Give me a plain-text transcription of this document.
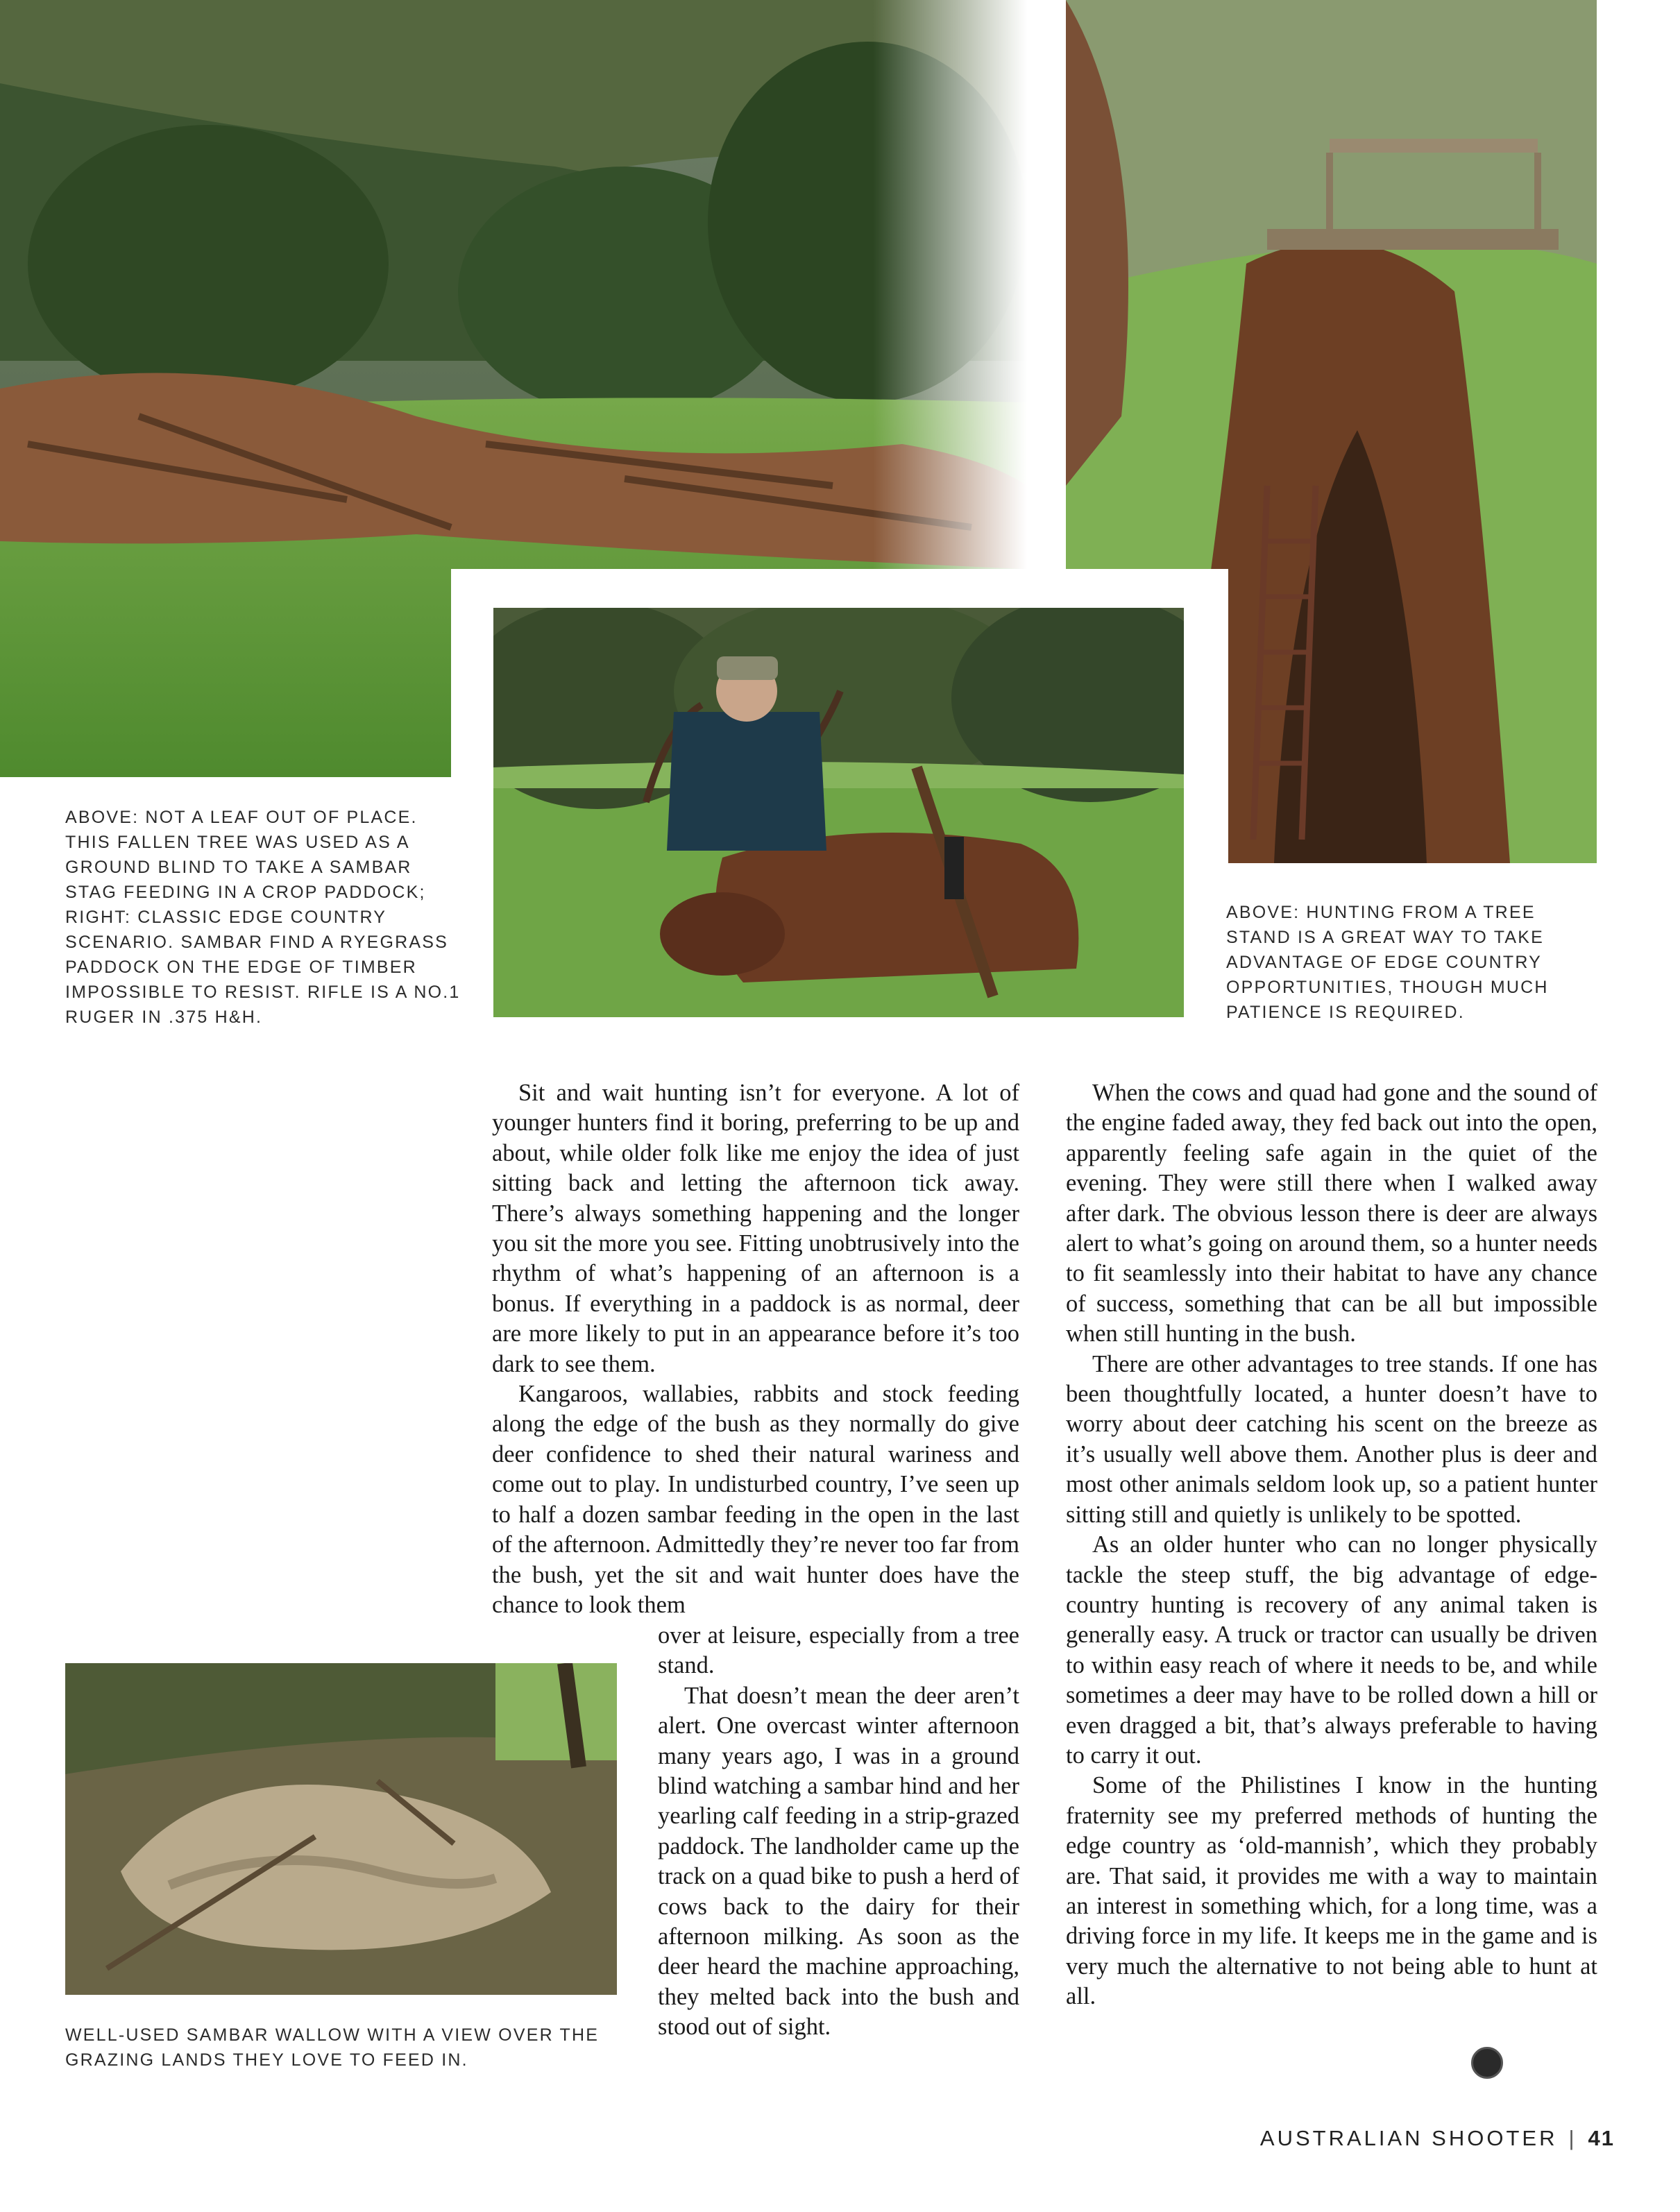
ABOVE: NOT A LEAF OUT OF PLACE. THIS FALLEN TREE WAS USED AS A GROUND BLIND TO TAKE A SAMBAR STAG FEEDING IN A CROP PADDOCK; RIGHT: CLASSIC EDGE COUNTRY SCENARIO. SAMBAR FIND A RYEGRASS PADDOCK ON THE EDGE OF TIMBER IMPOSSIBLE TO RESIST. RIFLE IS A NO.1 RUGER IN .375 H&H.

ABOVE: HUNTING FROM A TREE STAND IS A GREAT WAY TO TAKE ADVANTAGE OF EDGE COUNTRY OPPORTUNITIES, THOUGH MUCH PATIENCE IS REQUIRED.

WELL-USED SAMBAR WALLOW WITH A VIEW OVER THE GRAZING LANDS THEY LOVE TO FEED IN.

Sit and wait hunting isn’t for everyone. A lot of younger hunters find it boring, preferring to be up and about, while older folk like me enjoy the idea of just sitting back and letting the afternoon tick away. There’s always something happening and the longer you sit the more you see. Fitting unobtrusively into the rhythm of what’s happening of an afternoon is a bonus. If everything in a paddock is as normal, deer are more likely to put in an appearance before it’s too dark to see them.

Kangaroos, wallabies, rabbits and stock feeding along the edge of the bush as they normally do give deer confidence to shed their natural wariness and come out to play. In undisturbed country, I’ve seen up to half a dozen sambar feeding in the open in the last of the afternoon. Admittedly they’re never too far from the bush, yet the sit and wait hunter does have the chance to look them

over at leisure, especially from a tree stand.

That doesn’t mean the deer aren’t alert. One overcast winter afternoon many years ago, I was in a ground blind watching a sambar hind and her yearling calf feeding in a strip-grazed paddock. The landholder came up the track on a quad bike to push a herd of cows back to the dairy for their afternoon milking. As soon as the deer heard the machine approaching, they melted back into the bush and stood out of sight.

When the cows and quad had gone and the sound of the engine faded away, they fed back out into the open, apparently feeling safe again in the quiet of the evening. They were still there when I walked away after dark. The obvious lesson there is deer are always alert to what’s going on around them, so a hunter needs to fit seamlessly into their habitat to have any chance of success, something that can be all but impossible when still hunting in the bush.

There are other advantages to tree stands. If one has been thoughtfully located, a hunter doesn’t have to worry about deer catching his scent on the breeze as it’s usually well above them. Another plus is deer and most other animals seldom look up, so a patient hunter sitting still and quietly is unlikely to be spotted.

As an older hunter who can no longer physically tackle the steep stuff, the big advantage of edge-country hunting is recovery of any animal taken is generally easy. A truck or tractor can usually be driven to within easy reach of where it needs to be, and while sometimes a deer may have to be rolled down a hill or even dragged a bit, that’s always preferable to having to carry it out.

Some of the Philistines I know in the hunting fraternity see my preferred methods of hunting the edge country as ‘old-mannish’, which they probably are. That said, it provides me with a way to maintain an interest in something which, for a long time, was a driving force in my life. It keeps me in the game and is very much the alternative to not being able to hunt at all.

AUSTRALIAN SHOOTER | 41
